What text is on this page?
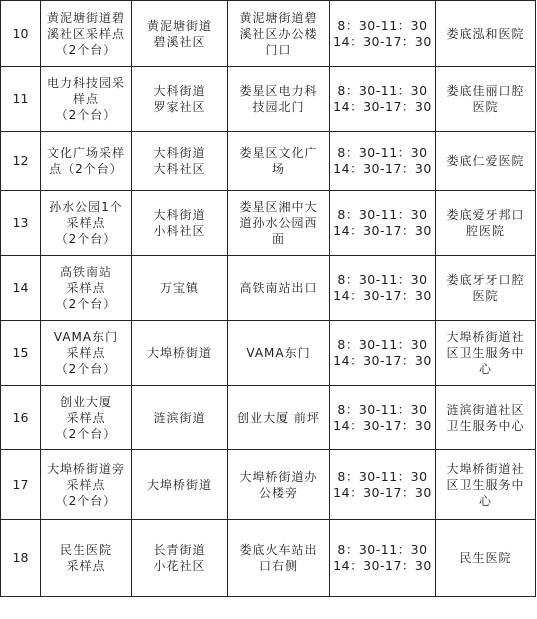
10	黄泥塘街道碧
溪社区采样点
（2个台）	黄泥塘街道
碧溪社区	黄泥塘街道碧
溪社区办公楼
门口	8：30-11：30
14：30-17：30	娄底泓和医院

11	电力科技园采
样点
（2个台）	大科街道
罗家社区	娄星区电力科
技园北门	8：30-11：30
14：30-17：30	娄底佳丽口腔
医院

12	文化广场采样
点（2个台）	大科街道
大科社区	娄星区文化广
场	8：30-11：30
14：30-17：30	娄底仁爱医院

13	孙水公园1个
采样点
（2个台）	大科街道
小科社区	娄星区湘中大
道孙水公园西
面	8：30-11：30
14：30-17：30	娄底爱牙邦口
腔医院

14	高铁南站
采样点
（2个台）	万宝镇	高铁南站出口	8：30-11：30
14：30-17：30	娄底牙牙口腔
医院

15	VAMA东门
采样点
（2个台）	大埠桥街道	VAMA东门	8：30-11：30
14：30-17：30	大埠桥街道社
区卫生服务中
心

16	创业大厦
采样点
（2个台）	涟滨街道	创业大厦 前坪	8：30-11：30
14：30-17：30	涟滨街道社区
卫生服务中心

17	大埠桥街道旁
采样点
（2个台）	大埠桥街道	大埠桥街道办
公楼旁	8：30-11：30
14：30-17：30	大埠桥街道社
区卫生服务中
心

18	民生医院
采样点	长青街道
小花社区	娄底火车站出
口右侧	8：30-11：30
14：30-17：30	民生医院
